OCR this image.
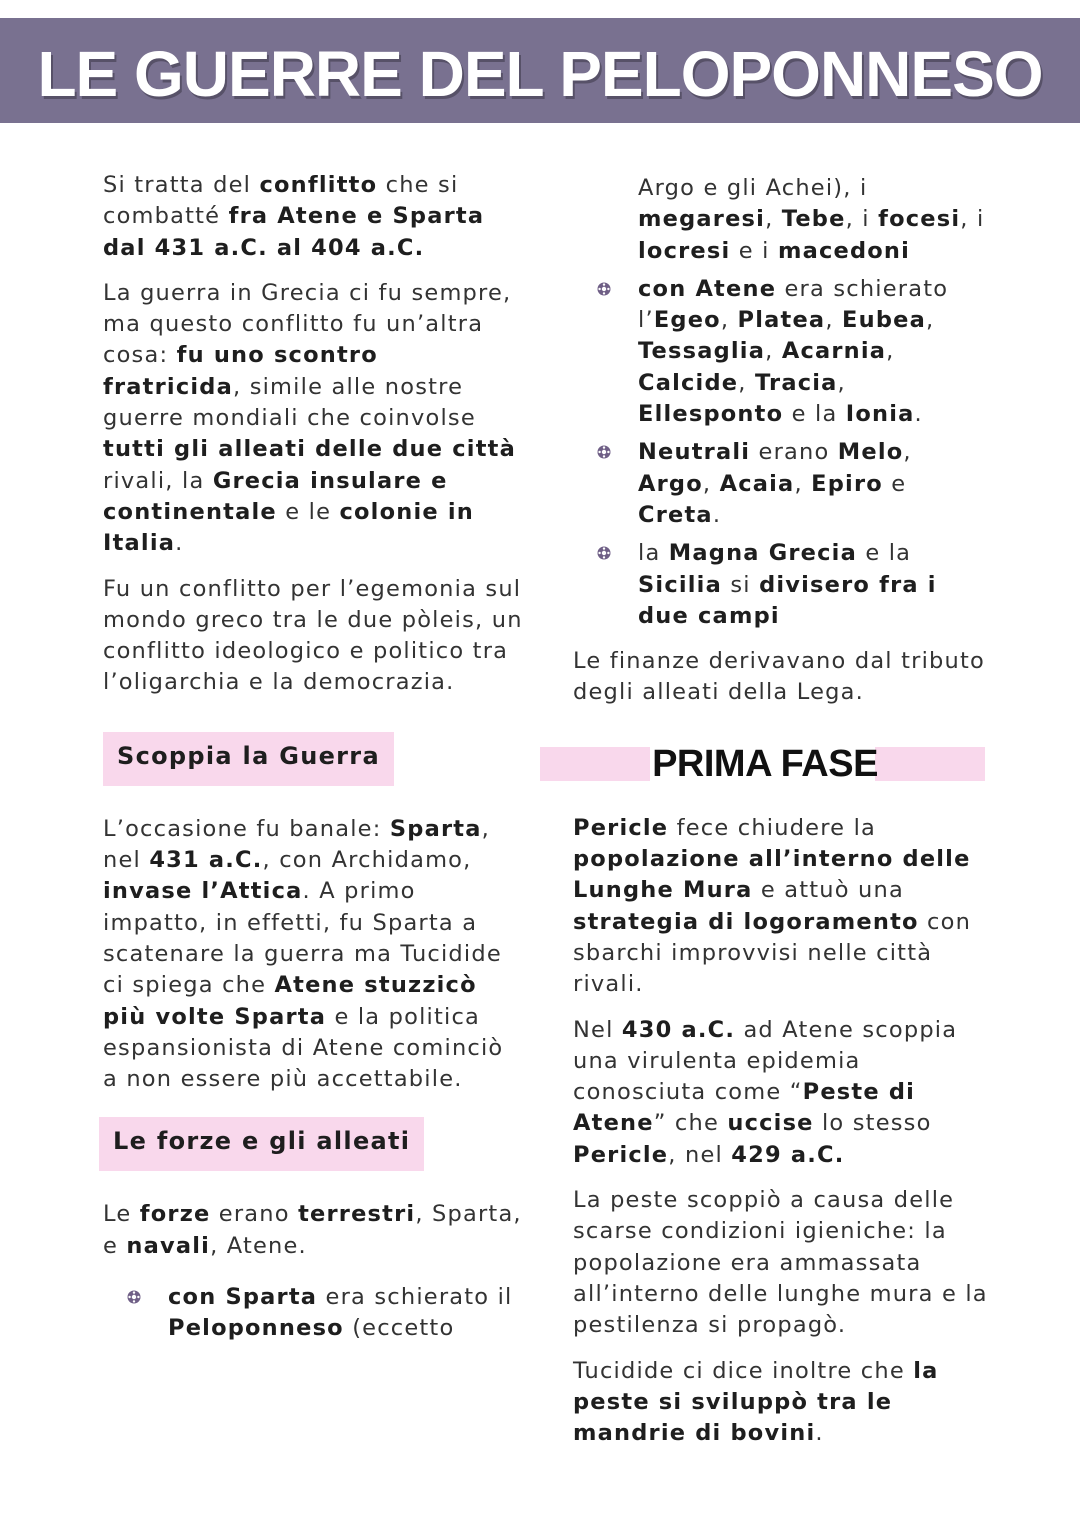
LE GUERRE DEL PELOPONNESO

Si tratta del conflitto che si combatté fra Atene e Sparta dal 431 a.C. al 404 a.C.

La guerra in Grecia ci fu sempre, ma questo conflitto fu un’altra cosa: fu uno scontro fratricida, simile alle nostre guerre mondiali che coinvolse tutti gli alleati delle due città rivali, la Grecia insulare e continentale e le colonie in Italia.

Fu un conflitto per l’egemonia sul mondo greco tra le due pòleis, un conflitto ideologico e politico tra l’oligarchia e la democrazia.

Scoppia la Guerra

L’occasione fu banale: Sparta, nel 431 a.C., con Archidamo, invase l’Attica. A primo impatto, in effetti, fu Sparta a scatenare la guerra ma Tucidide ci spiega che Atene stuzzicò più volte Sparta e la politica espansionista di Atene cominciò a non essere più accettabile.

Le forze e gli alleati

Le forze erano terrestri, Sparta, e navali, Atene.

con Sparta era schierato il Peloponneso (eccetto

Argo e gli Achei), i megaresi, Tebe, i focesi, i locresi e i macedoni

con Atene era schierato l’Egeo, Platea, Eubea, Tessaglia, Acarnia, Calcide, Tracia, Ellesponto e la Ionia.

Neutrali erano Melo, Argo, Acaia, Epiro e Creta.

la Magna Grecia e la Sicilia si divisero fra i due campi

Le finanze derivavano dal tributo degli alleati della Lega.

PRIMA FASE

Pericle fece chiudere la popolazione all’interno delle Lunghe Mura e attuò una strategia di logoramento con sbarchi improvvisi nelle città rivali.

Nel 430 a.C. ad Atene scoppia una virulenta epidemia conosciuta come “Peste di Atene” che uccise lo stesso Pericle, nel 429 a.C.

La peste scoppiò a causa delle scarse condizioni igieniche: la popolazione era ammassata all’interno delle lunghe mura e la pestilenza si propagò.

Tucidide ci dice inoltre che la peste si sviluppò tra le mandrie di bovini.
